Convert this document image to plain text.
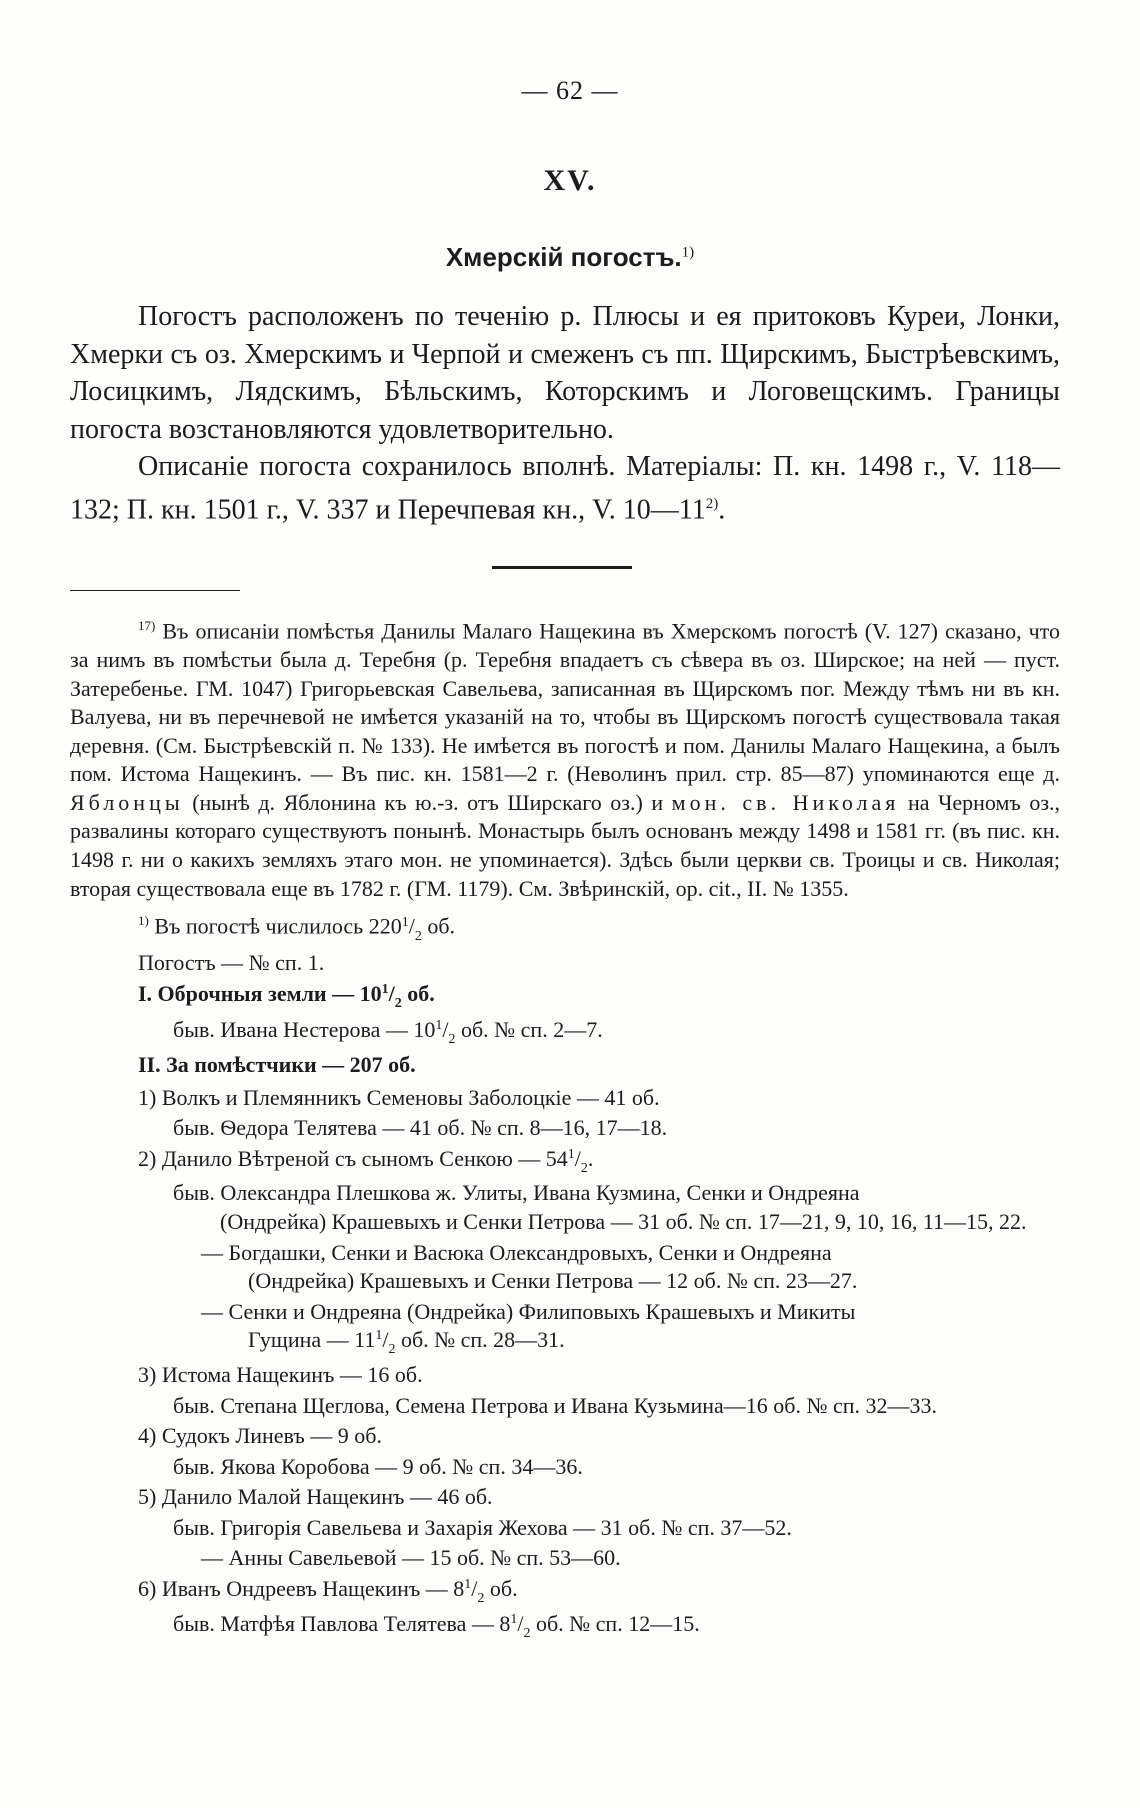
— 62 —
XV.
Хмерскій погостъ.$^{1)}$

Погостъ расположенъ по теченію р. Плюсы и ея притоковъ Куреи, Лонки, Хмерки съ оз. Хмерскимъ и Черпой и смеженъ съ пп. Щирскимъ, Быстрѣевскимъ, Лосицкимъ, Лядскимъ, Бѣльскимъ, Которскимъ и Логовещскимъ. Границы погоста возстановляются удовлетворительно.

Описаніе погоста сохранилось вполнѣ. Матеріалы: П. кн. 1498 г., V. 118—132; П. кн. 1501 г., V. 337 и Перечпевая кн., V. 10—11$^{2)}$.

$^{17)}$ Въ описаніи помѣстья Данилы Малаго Нащекина въ Хмерскомъ погостѣ (V. 127) сказано, что за нимъ въ помѣстьи была д. Теребня (р. Теребня впадаетъ съ сѣвера въ оз. Ширское; на ней — пуст. Затеребенье. ГМ. 1047) Григорьевская Савельева, записанная въ Щирскомъ пог. Между тѣмъ ни въ кн. Валуева, ни въ перечневой не имѣется указаній на то, чтобы въ Щирскомъ погостѣ существовала такая деревня. (См. Быстрѣевскій п. № 133). Не имѣется въ погостѣ и пом. Данилы Малаго Нащекина, а былъ пом. Истома Нащекинъ. — Въ пис. кн. 1581—2 г. (Неволинъ прил. стр. 85—87) упоминаются еще д. Яблонцы (нынѣ д. Яблонина къ ю.-з. отъ Ширскаго оз.) и мон. св. Николая на Черномъ оз., развалины котораго существуютъ понынѣ. Монастырь былъ основанъ между 1498 и 1581 гг. (въ пис. кн. 1498 г. ни о какихъ земляхъ этаго мон. не упоминается). Здѣсь были церкви св. Троицы и св. Николая; вторая существовала еще въ 1782 г. (ГМ. 1179). См. Звѣринскій, op. cit., II. № 1355.

$^{1)}$ Въ погостѣ числилось $220^1/_2$ об.

Погостъ — № сп. 1.
I. Оброчныя земли — $10^1/_2$ об.
быв. Ивана Нестерова — $10^1/_2$ об. № сп. 2—7.
II. За помѣстчики — 207 об.
1) Волкъ и Племянникъ Семеновы Заболоцкіе — 41 об.
быв. Ѳедора Телятева — 41 об. № сп. 8—16, 17—18.
2) Данило Вѣтреной съ сыномъ Сенкою — $54^1/_2$.
быв. Олександра Плешкова ж. Улиты, Ивана Кузмина, Сенки и Ондреяна
(Ондрейка) Крашевыхъ и Сенки Петрова — 31 об. № сп. 17—21, 9, 10, 16, 11—15, 22.
— Богдашки, Сенки и Васюка Олександровыхъ, Сенки и Ондреяна
(Ондрейка) Крашевыхъ и Сенки Петрова — 12 об. № сп. 23—27.
— Сенки и Ондреяна (Ондрейка) Филиповыхъ Крашевыхъ и Микиты
Гущина — $11^1/_2$ об. № сп. 28—31.
3) Истома Нащекинъ — 16 об.
быв. Степана Щеглова, Семена Петрова и Ивана Кузьмина—16 об. № сп. 32—33.
4) Судокъ Линевъ — 9 об.
быв. Якова Коробова — 9 об. № сп. 34—36.
5) Данило Малой Нащекинъ — 46 об.
быв. Григорія Савельева и Захарія Жехова — 31 об. № сп. 37—52.
— Анны Савельевой — 15 об. № сп. 53—60.
6) Иванъ Ондреевъ Нащекинъ — $8^1/_2$ об.
быв. Матфѣя Павлова Телятева — $8^1/_2$ об. № сп. 12—15.
